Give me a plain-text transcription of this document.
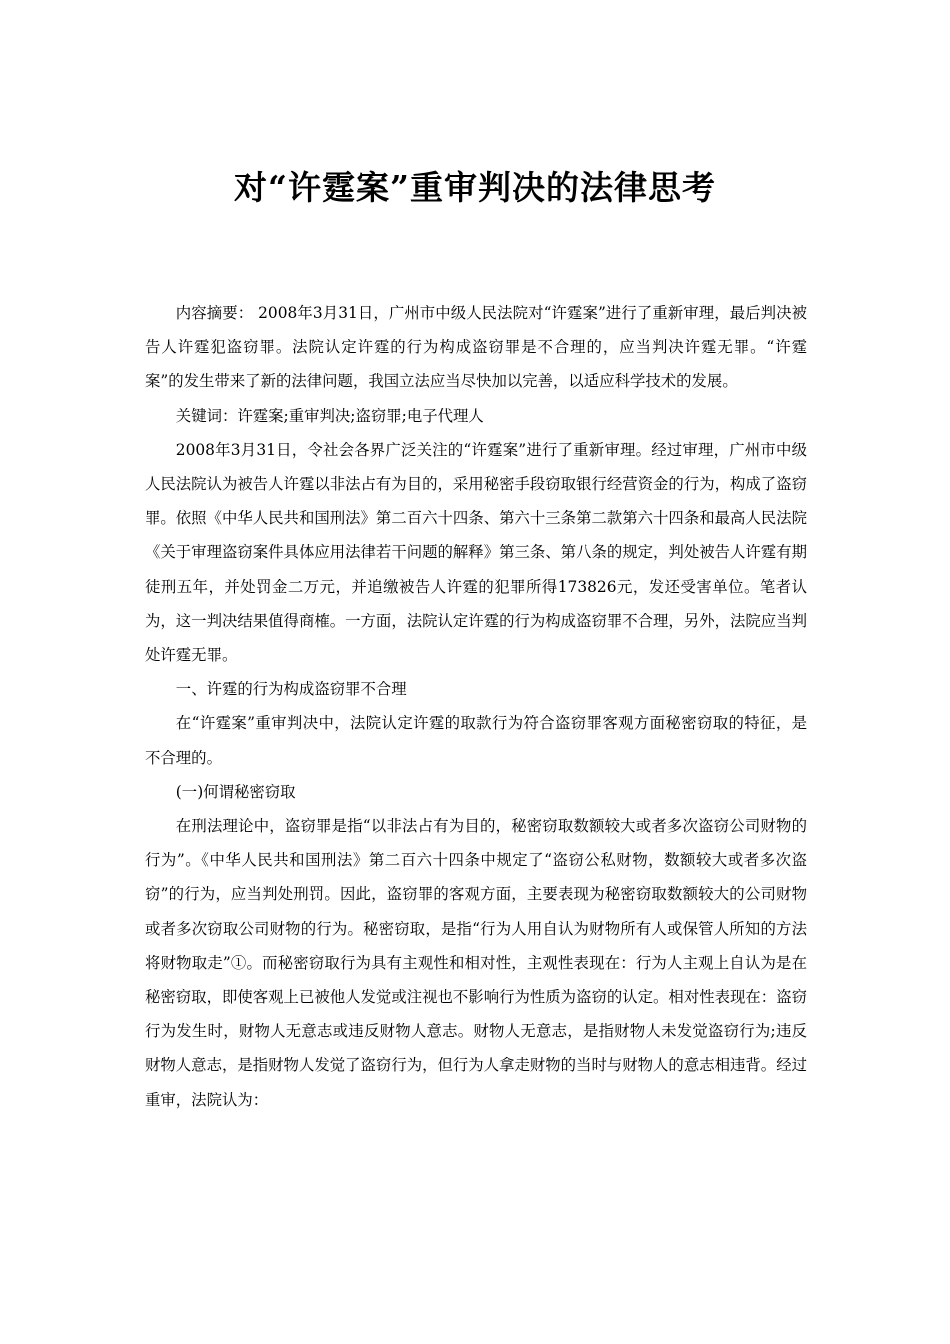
对“许霆案”重审判决的法律思考

内容摘要： 2008年3月31日，广州市中级人民法院对“许霆案”进行了重新审理，最后判决被告人许霆犯盗窃罪。法院认定许霆的行为构成盗窃罪是不合理的，应当判决许霆无罪。“许霆案”的发生带来了新的法律问题，我国立法应当尽快加以完善，以适应科学技术的发展。

关键词：许霆案;重审判决;盗窃罪;电子代理人

2008年3月31日，令社会各界广泛关注的“许霆案”进行了重新审理。经过审理，广州市中级人民法院认为被告人许霆以非法占有为目的，采用秘密手段窃取银行经营资金的行为，构成了盗窃罪。依照《中华人民共和国刑法》第二百六十四条、第六十三条第二款第六十四条和最高人民法院《关于审理盗窃案件具体应用法律若干问题的解释》第三条、第八条的规定，判处被告人许霆有期徒刑五年，并处罚金二万元，并追缴被告人许霆的犯罪所得173826元，发还受害单位。笔者认为，这一判决结果值得商榷。一方面，法院认定许霆的行为构成盗窃罪不合理，另外，法院应当判处许霆无罪。

一、许霆的行为构成盗窃罪不合理

在“许霆案”重审判决中，法院认定许霆的取款行为符合盗窃罪客观方面秘密窃取的特征，是不合理的。

(一)何谓秘密窃取

在刑法理论中，盗窃罪是指“以非法占有为目的，秘密窃取数额较大或者多次盗窃公司财物的行为”。《中华人民共和国刑法》第二百六十四条中规定了“盗窃公私财物，数额较大或者多次盗窃”的行为，应当判处刑罚。因此，盗窃罪的客观方面，主要表现为秘密窃取数额较大的公司财物或者多次窃取公司财物的行为。秘密窃取，是指“行为人用自认为财物所有人或保管人所知的方法将财物取走”①。而秘密窃取行为具有主观性和相对性，主观性表现在：行为人主观上自认为是在秘密窃取，即使客观上已被他人发觉或注视也不影响行为性质为盗窃的认定。相对性表现在：盗窃行为发生时，财物人无意志或违反财物人意志。财物人无意志，是指财物人未发觉盗窃行为;违反财物人意志，是指财物人发觉了盗窃行为，但行为人拿走财物的当时与财物人的意志相违背。经过重审，法院认为：
